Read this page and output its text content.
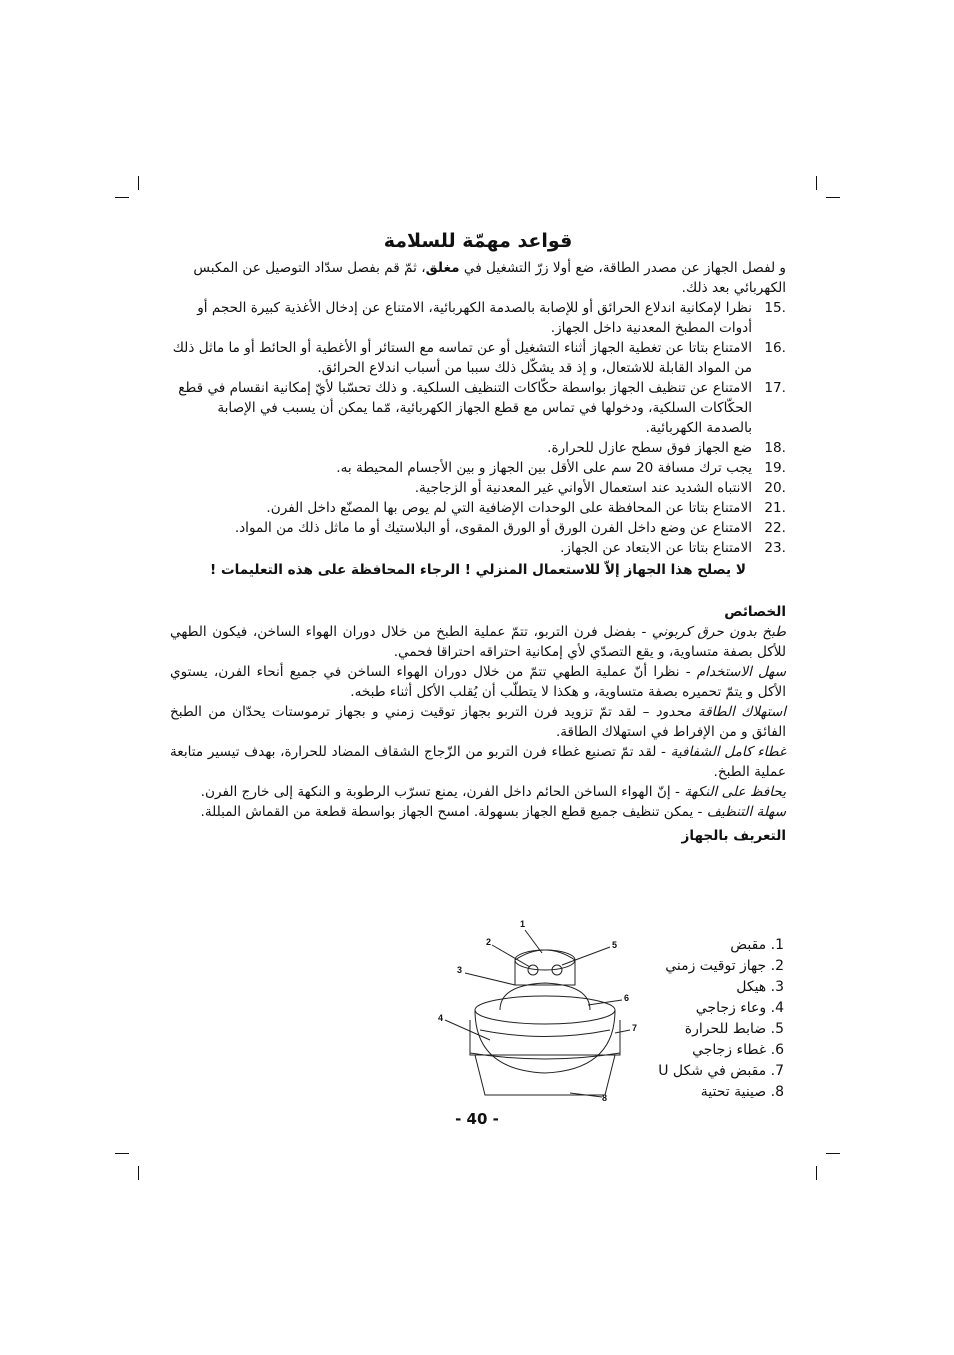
قواعد مهمّة للسلامة

و لفصل الجهاز عن مصدر الطاقة، ضع أولا زرّ التشغيل في مغلق، ثمّ قم بفصل سدّاد التوصيل عن المكبس الكهربائي بعد ذلك.

.15

نظرا لإمكانية اندلاع الحرائق أو للإصابة بالصدمة الكهربائية، الامتناع عن إدخال الأغذية كبيرة الحجم أو أدوات المطبخ المعدنية داخل الجهاز.

.16

الامتناع بتاتا عن تغطية الجهاز أثناء التشغيل أو عن تماسه مع الستائر أو الأغطية أو الحائط أو ما ماثل ذلك من المواد القابلة للاشتعال، و إذ قد يشكّل ذلك سببا من أسباب اندلاع الحرائق.

.17

الامتناع عن تنظيف الجهاز بواسطة حكّاكات التنظيف السلكية. و ذلك تحسّبا لأيّ إمكانية انقسام في قطع الحكّاكات السلكية، ودخولها في تماس مع قطع الجهاز الكهربائية، مّما يمكن أن يسبب في الإصابة بالصدمة الكهربائية.

.18

ضع الجهاز فوق سطح عازل للحرارة.

.19

يجب ترك مسافة 20 سم على الأقل بين الجهاز و بين الأجسام المحيطة به.

.20

الانتباه الشديد عند استعمال الأواني غير المعدنية أو الزجاجية.

.21

الامتناع بتاتا عن المحافظة على الوحدات الإضافية التي لم يوص بها المصنّع داخل الفرن.

.22

الامتناع عن وضع داخل الفرن الورق أو الورق المقوى، أو البلاستيك أو ما ماثل ذلك من المواد.

.23

الامتناع بتاتا عن الابتعاد عن الجهاز.

لا يصلح هذا الجهاز إلاّ للاستعمال المنزلي ! الرجاء المحافظة على هذه التعليمات !

الخصائص

طبخ بدون حرق كربوني - بفضل فرن التربو، تتمّ عملية الطبخ من خلال دوران الهواء الساخن، فيكون الطهي للأكل بصفة متساوية، و يقع التصدّي لأي إمكانية احتراقه احتراقا فحمي.

سهل الاستخدام - نظرا أنّ عملية الطهي تتمّ من خلال دوران الهواء الساخن في جميع أنحاء الفرن، يستوي الأكل و يتمّ تحميره بصفة متساوية، و هكذا لا يتطلّب أن يُقلب الأكل أثناء طبخه.

استهلاك الطاقة محدود – لقد تمّ تزويد فرن التربو بجهاز توقيت زمني و بجهاز ترموستات يحدّان من الطبخ الفائق و من الإفراط في استهلاك الطاقة.

غطاء كامل الشفافية - لقد تمّ تصنيع غطاء فرن التربو من الزّجاج الشقاف المضاد للحرارة، بهدف تيسير متابعة عملية الطبخ.

يحافظ على النكهة - إنّ الهواء الساخن الحائم داخل الفرن، يمنع تسرّب الرطوبة و النكهة إلى خارج الفرن.

سهلة التنظيف - يمكن تنظيف جميع قطع الجهاز بسهولة. امسح الجهاز بواسطة قطعة من القماش المبللة.

التعريف بالجهاز

1. مقبض

2. جهاز توقيت زمني

3. هيكل

4. وعاء زجاجي

5. ضابط للحرارة

6. غطاء زجاجي

7. مقبض في شكل U

8. صينية تحتية

1
2
3
4
5
6
7
8
- 40 -
